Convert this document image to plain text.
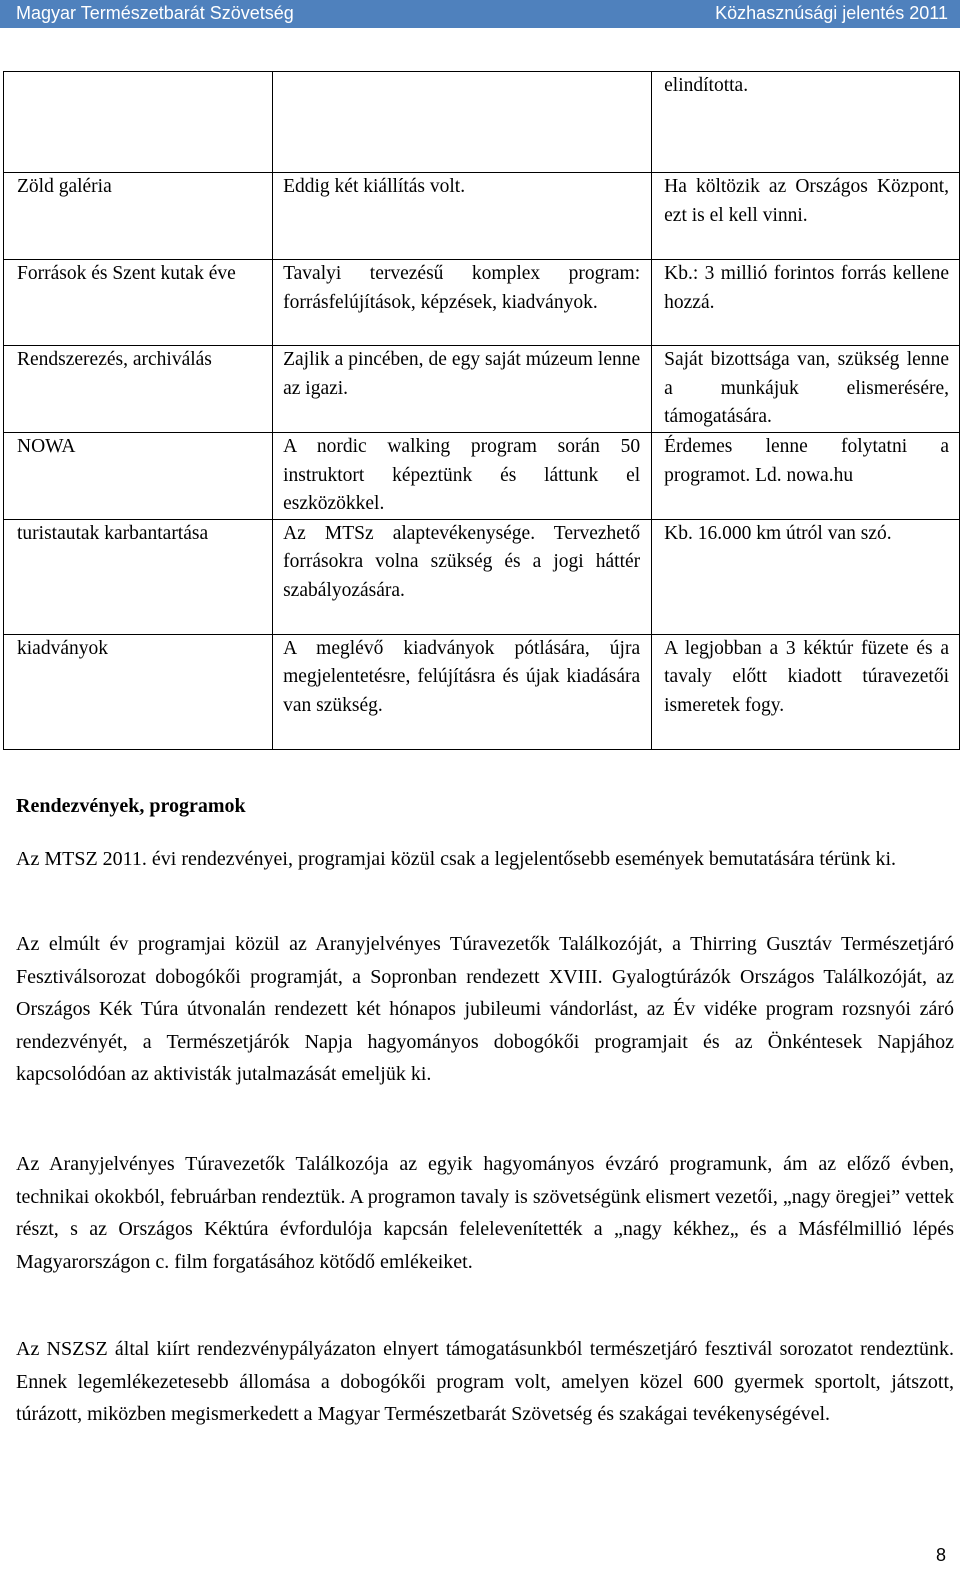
Magyar Természetbarát Szövetség	Közhasznúsági jelentés 2011
		elindította.
Zöld galéria	Eddig két kiállítás volt.	Ha költözik az Országos Központ, ezt is el kell vinni.
Források és Szent kutak éve	Tavalyi tervezésű komplex program: forrásfelújítások, képzések, kiadványok.	Kb.: 3 millió forintos forrás kellene hozzá.
Rendszerezés, archiválás	Zajlik a pincében, de egy saját múzeum lenne az igazi.	Saját bizottsága van, szükség lenne a munkájuk elismerésére, támogatására.
NOWA	A nordic walking program során 50 instruktort képeztünk és láttunk el eszközökkel.	Érdemes lenne folytatni a programot. Ld. nowa.hu
turistautak karbantartása	Az MTSz alaptevékenysége. Tervezhető forrásokra volna szükség és a jogi háttér szabályozására.	Kb. 16.000 km útról van szó.
kiadványok	A meglévő kiadványok pótlására, újra megjelentetésre, felújításra és újak kiadására van szükség.	A legjobban a 3 kéktúr füzete és a tavaly előtt kiadott túravezetői ismeretek fogy.
Rendezvények, programok

Az MTSZ 2011. évi rendezvényei, programjai közül csak a legjelentősebb események bemutatására térünk ki.

Az elmúlt év programjai közül az Aranyjelvényes Túravezetők Találkozóját, a Thirring Gusztáv Természetjáró Fesztiválsorozat dobogókői programját, a Sopronban rendezett XVIII. Gyalogtúrázók Országos Találkozóját, az Országos Kék Túra útvonalán rendezett két hónapos jubileumi vándorlást, az Év vidéke program rozsnyói záró rendezvényét, a Természetjárók Napja hagyományos dobogókői programjait és az Önkéntesek Napjához kapcsolódóan az aktivisták jutalmazását emeljük ki.

Az Aranyjelvényes Túravezetők Találkozója az egyik hagyományos évzáró programunk, ám az előző évben, technikai okokból, februárban rendeztük. A programon tavaly is szövetségünk elismert vezetői, „nagy öregjei” vettek részt, s az Országos Kéktúra évfordulója kapcsán felelevenítették a „nagy kékhez„ és a Másfélmillió lépés Magyarországon c. film forgatásához kötődő emlékeiket.

Az NSZSZ által kiírt rendezvénypályázaton elnyert támogatásunkból természetjáró fesztivál sorozatot rendeztünk. Ennek legemlékezetesebb állomása a dobogókői program volt, amelyen közel 600 gyermek sportolt, játszott, túrázott, miközben megismerkedett a Magyar Természetbarát Szövetség és szakágai tevékenységével.

8
